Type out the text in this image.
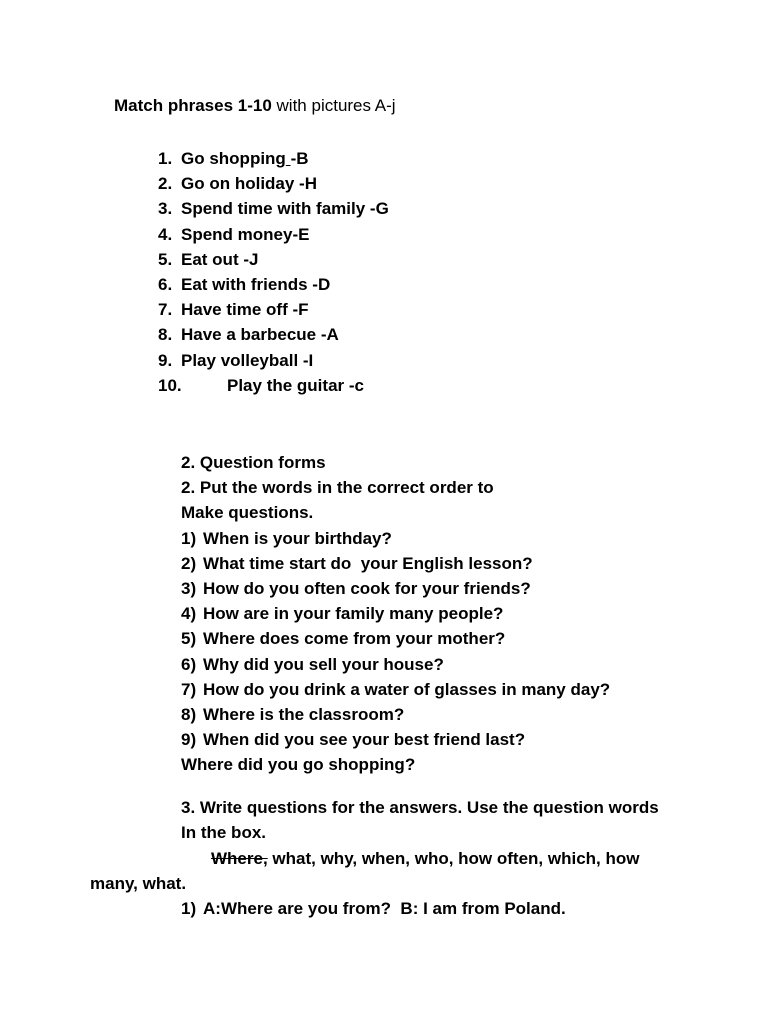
Match phrases 1-10 with pictures A-j
1. Go shopping -B
2. Go on holiday -H
3. Spend time with family -G
4. Spend money-E
5. Eat out -J
6. Eat with friends -D
7. Have time off -F
8. Have a barbecue -A
9. Play volleyball -I
10.	Play the guitar -c
2. Question forms
2. Put the words in the correct order to
Make questions.
1) When is your birthday?
2) What time start do  your English lesson?
3) How do you often cook for your friends?
4) How are in your family many people?
5) Where does come from your mother?
6) Why did you sell your house?
7) How do you drink a water of glasses in many day?
8) Where is the classroom?
9) When did you see your best friend last?
Where did you go shopping?
3. Write questions for the answers. Use the question words
In the box.
Where, what, why, when, who, how often, which, how
many, what.
1) A:Where are you from?  B: I am from Poland.
